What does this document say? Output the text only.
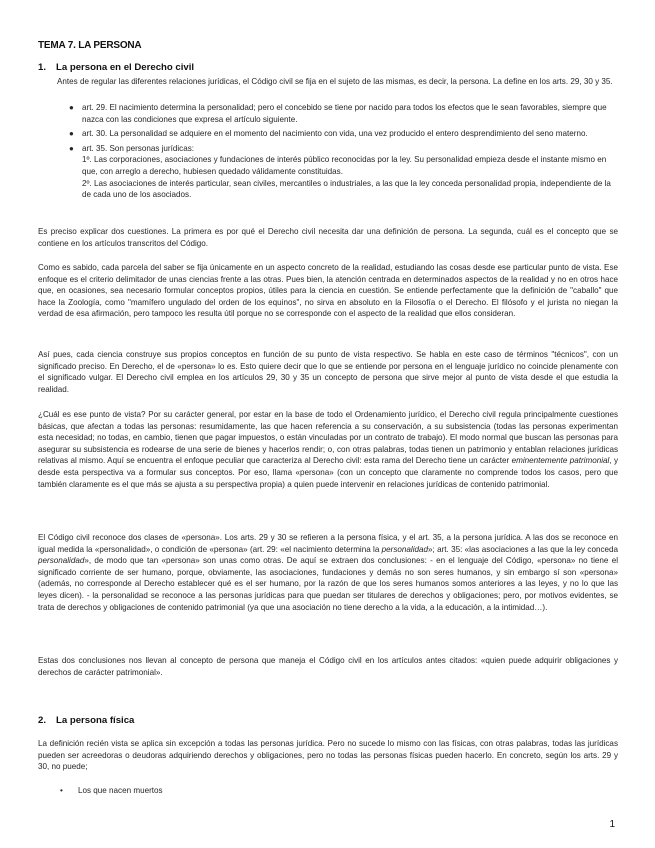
TEMA 7. LA PERSONA
1. La persona en el Derecho civil

Antes de regular las diferentes relaciones jurídicas, el Código civil se fija en el sujeto de las mismas, es decir, la persona. La define en los arts. 29, 30 y 35.

● art. 29. El nacimiento determina la personalidad; pero el concebido se tiene por nacido para todos los efectos que le sean favorables, siempre que nazca con las condiciones que expresa el artículo siguiente.
● art. 30. La personalidad se adquiere en el momento del nacimiento con vida, una vez producido el entero desprendimiento del seno materno.
● art. 35. Son personas jurídicas:
1º. Las corporaciones, asociaciones y fundaciones de interés público reconocidas por la ley. Su personalidad empieza desde el instante mismo en que, con arreglo a derecho, hubiesen quedado válidamente constituidas.
2º. Las asociaciones de interés particular, sean civiles, mercantiles o industriales, a las que la ley conceda personalidad propia, independiente de la de cada uno de los asociados.

Es preciso explicar dos cuestiones. La primera es por qué el Derecho civil necesita dar una definición de persona. La segunda, cuál es el concepto que se contiene en los artículos transcritos del Código.

Como es sabido, cada parcela del saber se fija únicamente en un aspecto concreto de la realidad, estudiando las cosas desde ese particular punto de vista. Ese enfoque es el criterio delimitador de unas ciencias frente a las otras. Pues bien, la atención centrada en determinados aspectos de la realidad y no en otros hace que, en ocasiones, sea necesario formular conceptos propios, útiles para la ciencia en cuestión. Se entiende perfectamente que la definición de "caballo" que hace la Zoología, como "mamífero ungulado del orden de los equinos", no sirva en absoluto en la Filosofía o el Derecho. El filósofo y el jurista no niegan la verdad de esa afirmación, pero tampoco les resulta útil porque no se corresponde con el aspecto de la realidad que ellos consideran.

Así pues, cada ciencia construye sus propios conceptos en función de su punto de vista respectivo. Se habla en este caso de términos "técnicos", con un significado preciso. En Derecho, el de «persona» lo es. Esto quiere decir que lo que se entiende por persona en el lenguaje jurídico no coincide plenamente con el significado vulgar. El Derecho civil emplea en los artículos 29, 30 y 35 un concepto de persona que sirve mejor al punto de vista desde el que estudia la realidad.

¿Cuál es ese punto de vista? Por su carácter general, por estar en la base de todo el Ordenamiento jurídico, el Derecho civil regula principalmente cuestiones básicas, que afectan a todas las personas: resumidamente, las que hacen referencia a su conservación, a su subsistencia (todas las personas experimentan esta necesidad; no todas, en cambio, tienen que pagar impuestos, o están vinculadas por un contrato de trabajo). El modo normal que buscan las personas para asegurar su subsistencia es rodearse de una serie de bienes y hacerlos rendir; o, con otras palabras, todas tienen un patrimonio y entablan relaciones jurídicas relativas al mismo. Aquí se encuentra el enfoque peculiar que caracteriza al Derecho civil: esta rama del Derecho tiene un carácter eminentemente patrimonial, y desde esta perspectiva va a formular sus conceptos. Por eso, llama «persona» (con un concepto que claramente no comprende todos los casos, pero que también claramente es el que más se ajusta a su perspectiva propia) a quien puede intervenir en relaciones jurídicas de contenido patrimonial.

El Código civil reconoce dos clases de «persona». Los arts. 29 y 30 se refieren a la persona física, y el art. 35, a la persona jurídica. A las dos se reconoce en igual medida la «personalidad», o condición de «persona» (art. 29: «el nacimiento determina la personalidad»; art. 35: «las asociaciones a las que la ley conceda personalidad», de modo que tan «persona» son unas como otras. De aquí se extraen dos conclusiones: - en el lenguaje del Código, «persona» no tiene el significado corriente de ser humano, porque, obviamente, las asociaciones, fundaciones y demás no son seres humanos, y sin embargo sí son «persona» (además, no corresponde al Derecho establecer qué es el ser humano, por la razón de que los seres humanos somos anteriores a las leyes, y no lo que las leyes dicen). - la personalidad se reconoce a las personas jurídicas para que puedan ser titulares de derechos y obligaciones; pero, por motivos evidentes, se trata de derechos y obligaciones de contenido patrimonial (ya que una asociación no tiene derecho a la vida, a la educación, a la intimidad…).

Estas dos conclusiones nos llevan al concepto de persona que maneja el Código civil en los artículos antes citados: «quien puede adquirir obligaciones y derechos de carácter patrimonial».

2. La persona física

La definición recién vista se aplica sin excepción a todas las personas jurídica. Pero no sucede lo mismo con las físicas, con otras palabras, todas las jurídicas pueden ser acreedoras o deudoras adquiriendo derechos y obligaciones, pero no todas las personas físicas pueden hacerlo. En concreto, según los arts. 29 y 30, no puede;

• Los que nacen muertos
1
